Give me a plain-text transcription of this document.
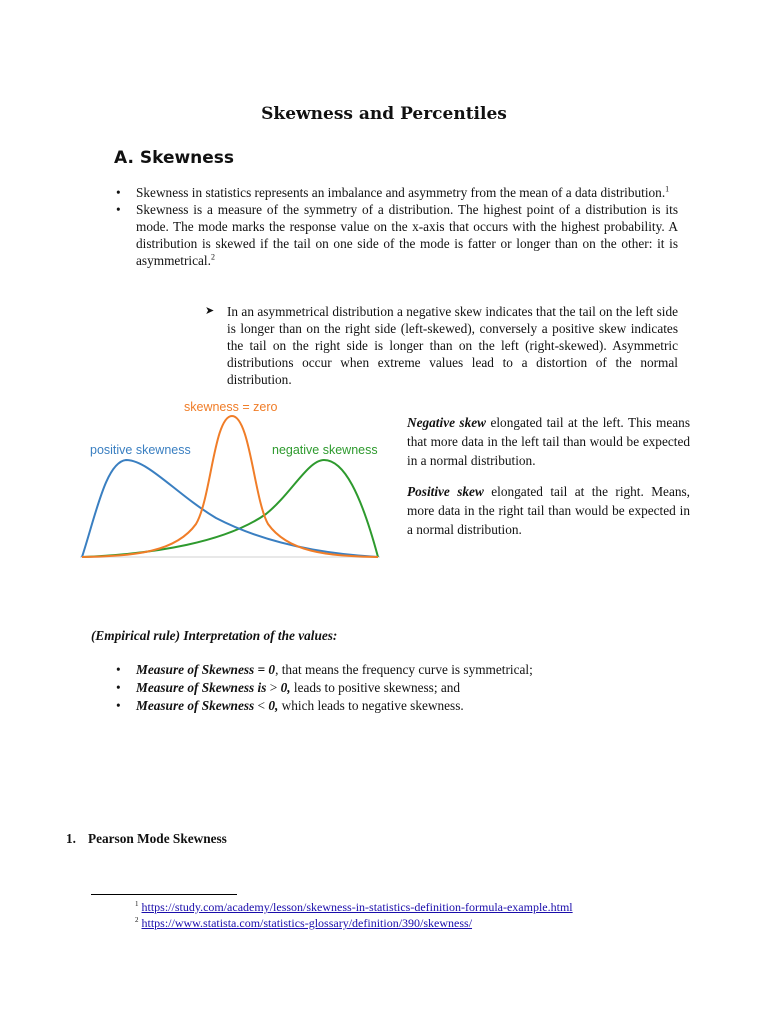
Skewness and Percentiles
A. Skewness
• Skewness in statistics represents an imbalance and asymmetry from the mean of a data distribution.$^1$
• Skewness is a measure of the symmetry of a distribution. The highest point of a distribution is its mode. The mode marks the response value on the x-axis that occurs with the highest probability. A distribution is skewed if the tail on one side of the mode is fatter or longer than on the other: it is asymmetrical.$^2$
➤ In an asymmetrical distribution a negative skew indicates that the tail on the left side is longer than on the right side (left-skewed), conversely a positive skew indicates the tail on the right side is longer than on the left (right-skewed). Asymmetric distributions occur when extreme values lead to a distortion of the normal distribution.
skewness = zero
positive skewness	negative skewness
Negative skew elongated tail at the left. This means that more data in the left tail than would be expected in a normal distribution.
Positive skew elongated tail at the right. Means, more data in the right tail than would be expected in a normal distribution.
(Empirical rule) Interpretation of the values:
• Measure of Skewness = 0, that means the frequency curve is symmetrical;
• Measure of Skewness is > 0, leads to positive skewness; and
• Measure of Skewness < 0, which leads to negative skewness.
1. Pearson Mode Skewness
$^1$ https://study.com/academy/lesson/skewness-in-statistics-definition-formula-example.html
$^2$ https://www.statista.com/statistics-glossary/definition/390/skewness/
